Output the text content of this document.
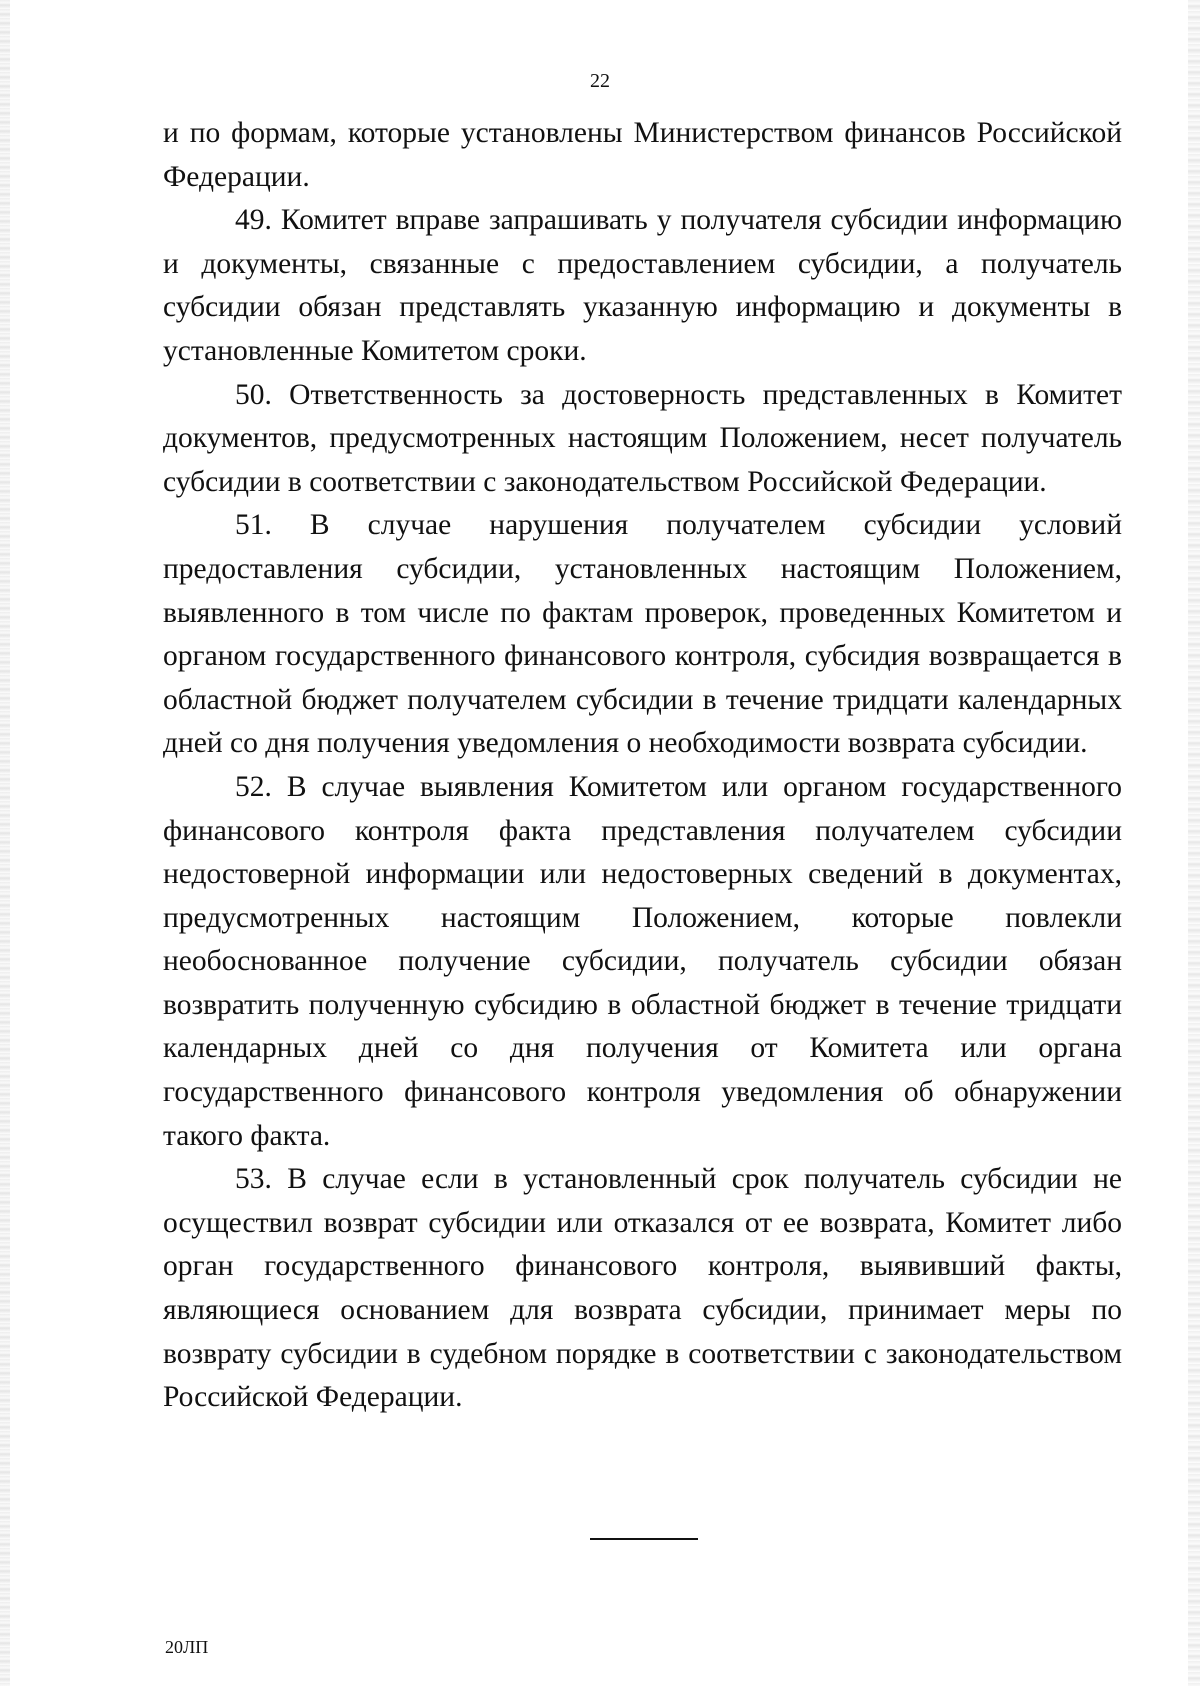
22

и по формам, которые установлены Министерством финансов Российской Федерации.

49. Комитет вправе запрашивать у получателя субсидии информацию и документы, связанные с предоставлением субсидии, а получатель субсидии обязан представлять указанную информацию и документы в установленные Комитетом сроки.

50. Ответственность за достоверность представленных в Комитет документов, предусмотренных настоящим Положением, несет получатель субсидии в соответствии с законодательством Российской Федерации.

51. В случае нарушения получателем субсидии условий предоставления субсидии, установленных настоящим Положением, выявленного в том числе по фактам проверок, проведенных Комитетом и органом государственного финансового контроля, субсидия возвращается в областной бюджет получателем субсидии в течение тридцати календарных дней со дня получения уведомления о необходимости возврата субсидии.

52. В случае выявления Комитетом или органом государственного финансового контроля факта представления получателем субсидии недостоверной информации или недостоверных сведений в документах, предусмотренных настоящим Положением, которые повлекли необоснованное получение субсидии, получатель субсидии обязан возвратить полученную субсидию в областной бюджет в течение тридцати календарных дней со дня получения от Комитета или органа государственного финансового контроля уведомления об обнаружении такого факта.

53. В случае если в установленный срок получатель субсидии не осуществил возврат субсидии или отказался от ее возврата, Комитет либо орган государственного финансового контроля, выявивший факты, являющиеся основанием для возврата субсидии, принимает меры по возврату субсидии в судебном порядке в соответствии с законодательством Российской Федерации.

20ЛП
